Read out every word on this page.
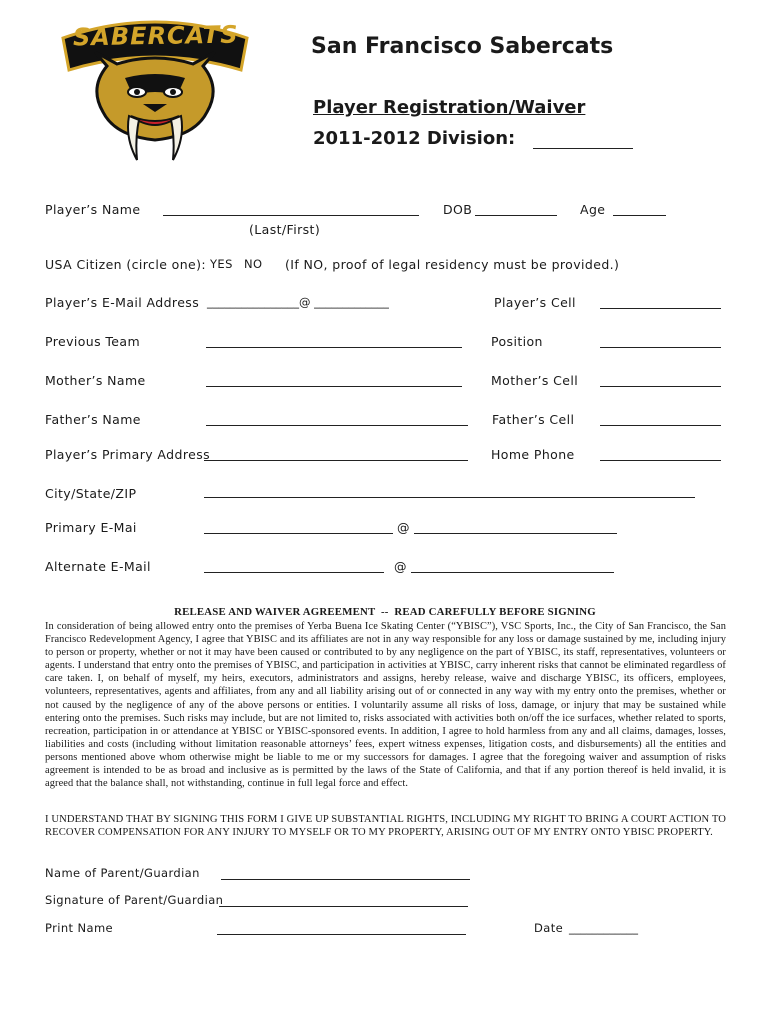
SABERCATS	San Francisco Sabercats
Player Registration/Waiver
2011-2012 Division:
Player’s Name	DOB	Age
(Last/First)
USA Citizen (circle one): YES NO (If NO, proof of legal residency must be provided.)
Player’s E-Mail Address ________________@ _____________	Player’s Cell
Previous Team	Position
Mother’s Name	Mother’s Cell
Father’s Name	Father’s Cell
Player’s Primary Address	Home Phone
City/State/ZIP
Primary E-Mai	@
Alternate E-Mail	@
RELEASE AND WAIVER AGREEMENT  --  READ CAREFULLY BEFORE SIGNING
In consideration of being allowed entry onto the premises of Yerba Buena Ice Skating Center (“YBISC”), VSC Sports, Inc., the City of San Francisco, the San Francisco Redevelopment Agency, I agree that YBISC and its affiliates are not in any way responsible for any loss or damage sustained by me, including injury to person or property, whether or not it may have been caused or contributed to by any negligence on the part of YBISC, its staff, representatives, volunteers or agents. I understand that entry onto the premises of YBISC, and participation in activities at YBISC, carry inherent risks that cannot be eliminated regardless of care taken. I, on behalf of myself, my heirs, executors, administrators and assigns, hereby release, waive and discharge YBISC, its officers, employees, volunteers, representatives, agents and affiliates, from any and all liability arising out of or connected in any way with my entry onto the premises, whether or not caused by the negligence of any of the above persons or entities. I voluntarily assume all risks of loss, damage, or injury that may be sustained while entering onto the premises. Such risks may include, but are not limited to, risks associated with activities both on/off the ice surfaces, whether related to sports, recreation, participation in or attendance at YBISC or YBISC-sponsored events. In addition, I agree to hold harmless from any and all claims, damages, losses, liabilities and costs (including without limitation reasonable attorneys’ fees, expert witness expenses, litigation costs, and disbursements) all the entities and persons mentioned above whom otherwise might be liable to me or my successors for damages. I agree that the foregoing waiver and assumption of risks agreement is intended to be as broad and inclusive as is permitted by the laws of the State of California, and that if any portion thereof is held invalid, it is agreed that the balance shall, not withstanding, continue in full legal force and effect.
I UNDERSTAND THAT BY SIGNING THIS FORM I GIVE UP SUBSTANTIAL RIGHTS, INCLUDING MY RIGHT TO BRING A COURT ACTION TO RECOVER COMPENSATION FOR ANY INJURY TO MYSELF OR TO MY PROPERTY, ARISING OUT OF MY ENTRY ONTO YBISC PROPERTY.
Name of Parent/Guardian
Signature of Parent/Guardian
Print Name	Date ____________
